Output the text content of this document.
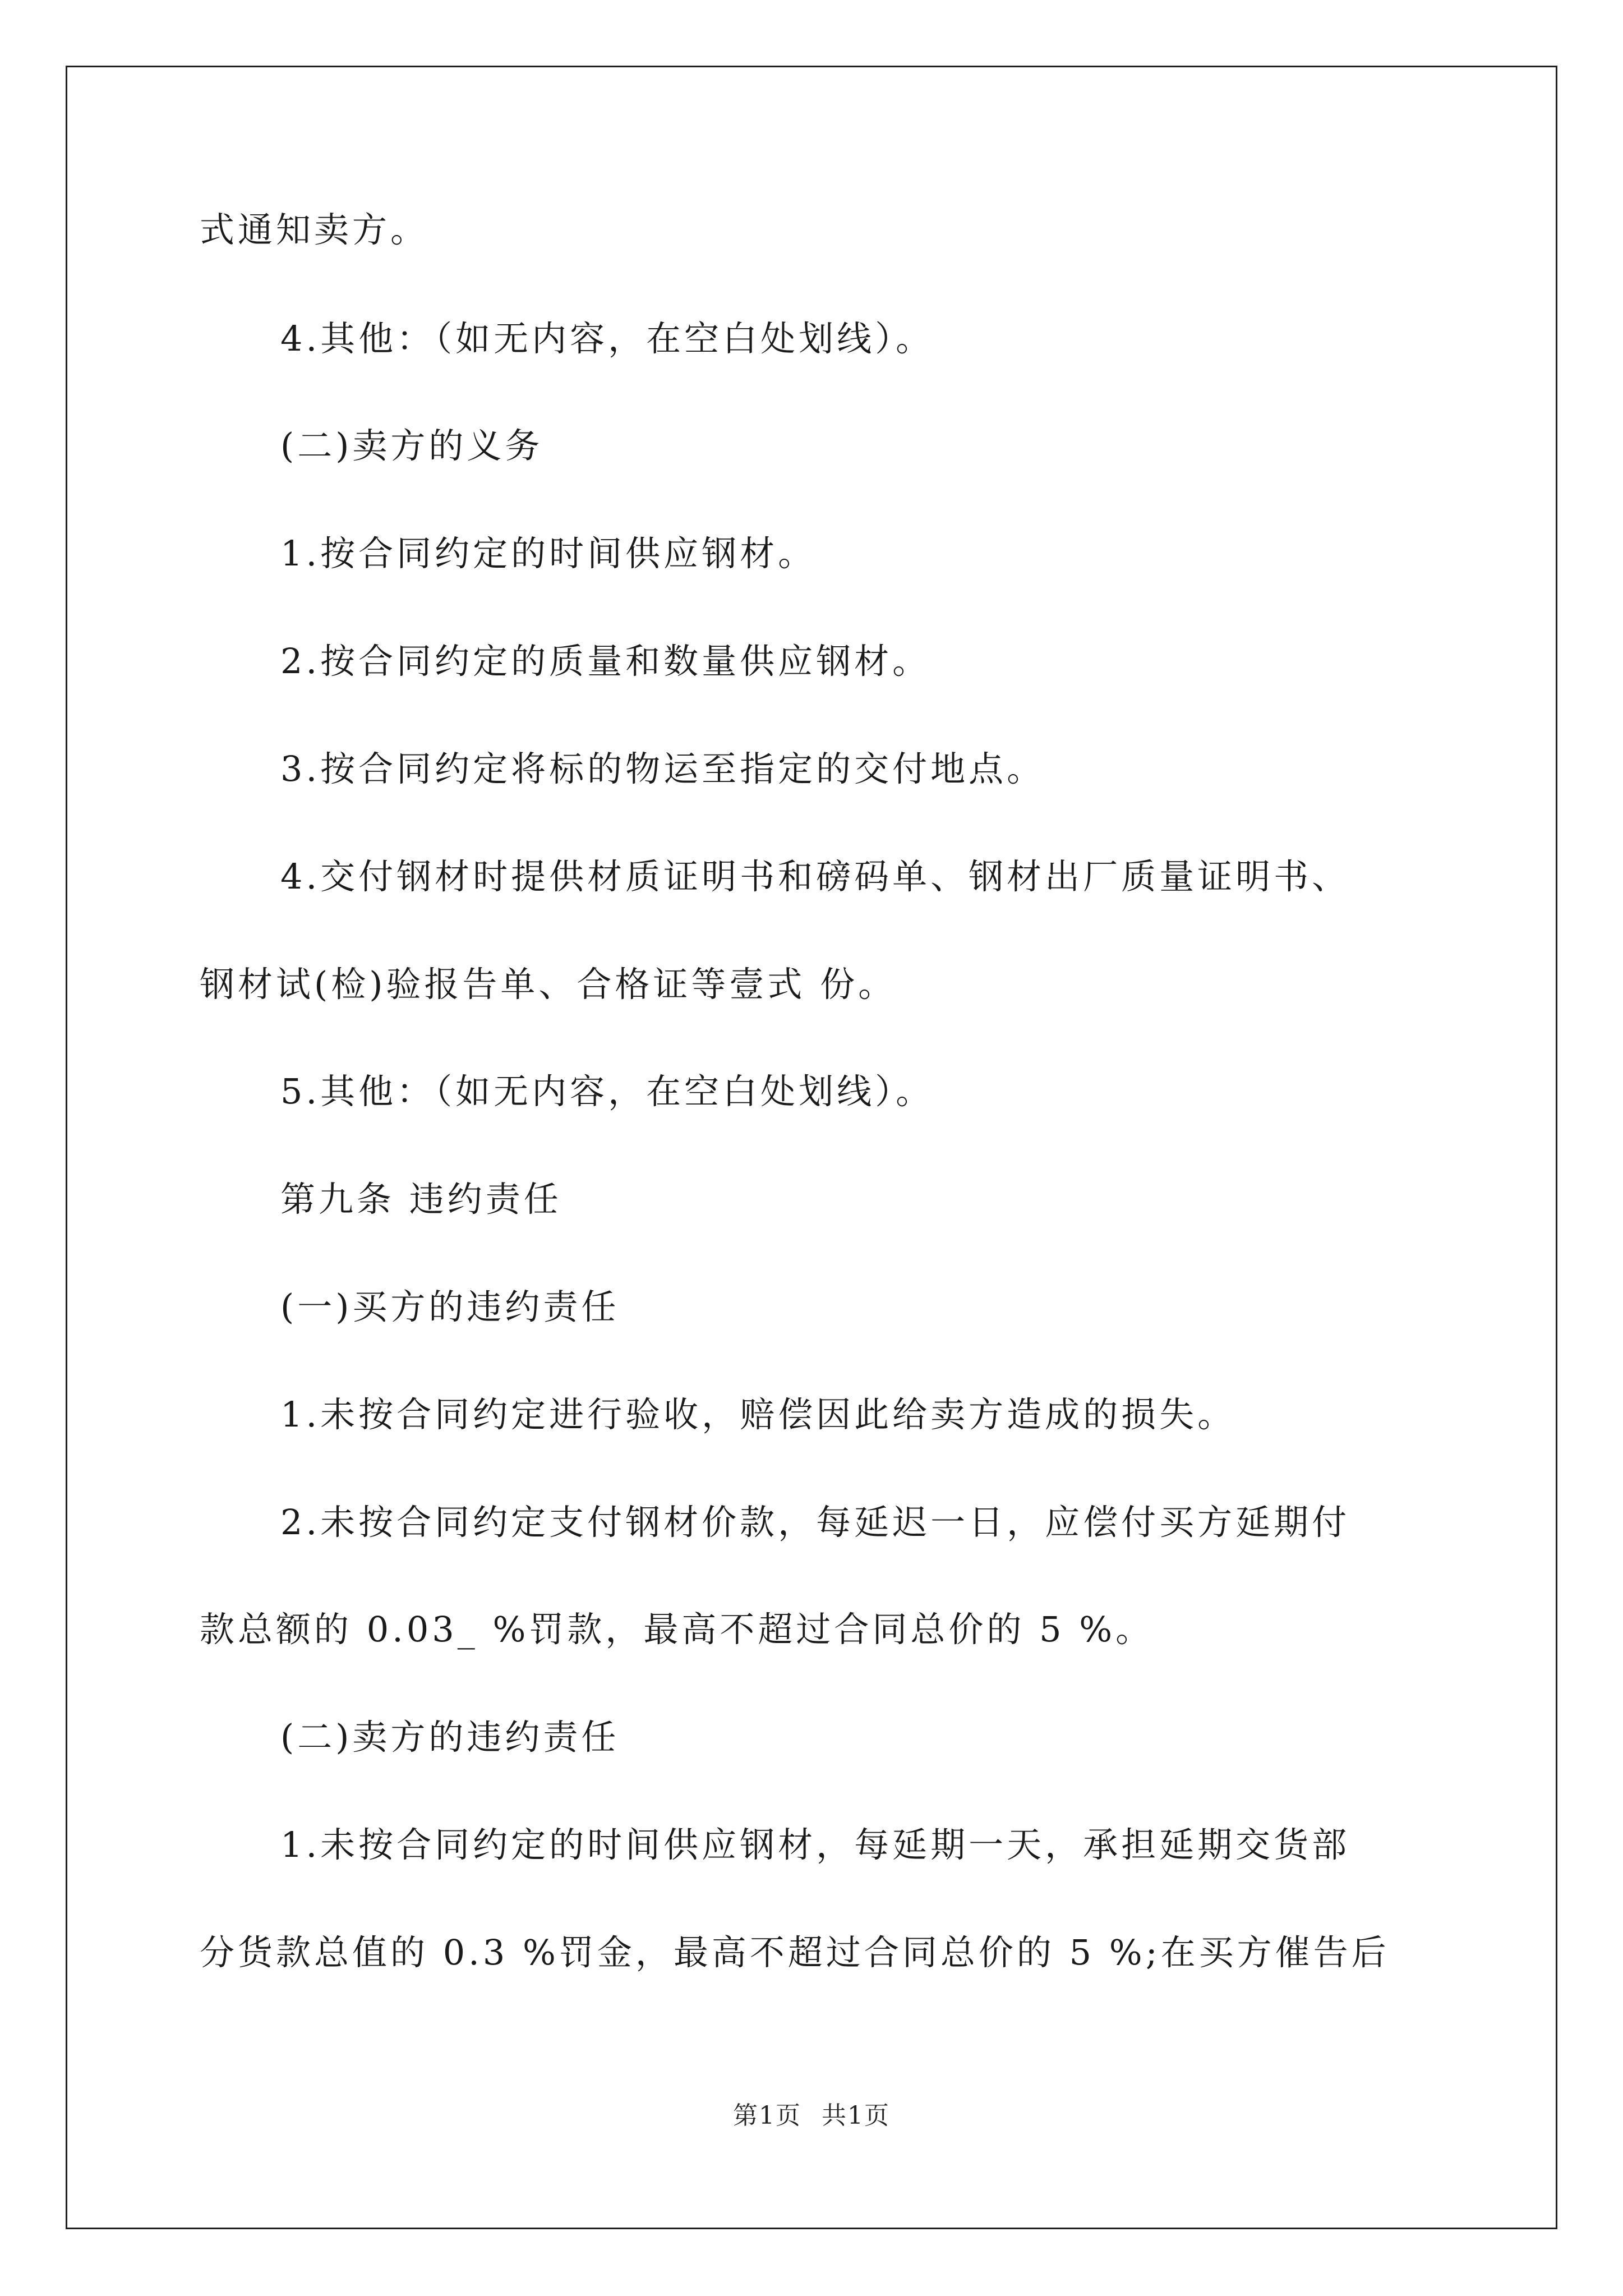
式通知卖方。
4.其他：（如无内容，在空白处划线）。
(二)卖方的义务
1.按合同约定的时间供应钢材。
2.按合同约定的质量和数量供应钢材。
3.按合同约定将标的物运至指定的交付地点。
4.交付钢材时提供材质证明书和磅码单、钢材出厂质量证明书、
钢材试(检)验报告单、合格证等壹式 份。
5.其他：（如无内容，在空白处划线）。
第九条 违约责任
(一)买方的违约责任
1.未按合同约定进行验收，赔偿因此给卖方造成的损失。
2.未按合同约定支付钢材价款，每延迟一日，应偿付买方延期付
款总额的 0.03_ %罚款，最高不超过合同总价的 5 %。
(二)卖方的违约责任
1.未按合同约定的时间供应钢材，每延期一天，承担延期交货部
分货款总值的 0.3 %罚金，最高不超过合同总价的 5 %;在买方催告后
第1页 共1页
